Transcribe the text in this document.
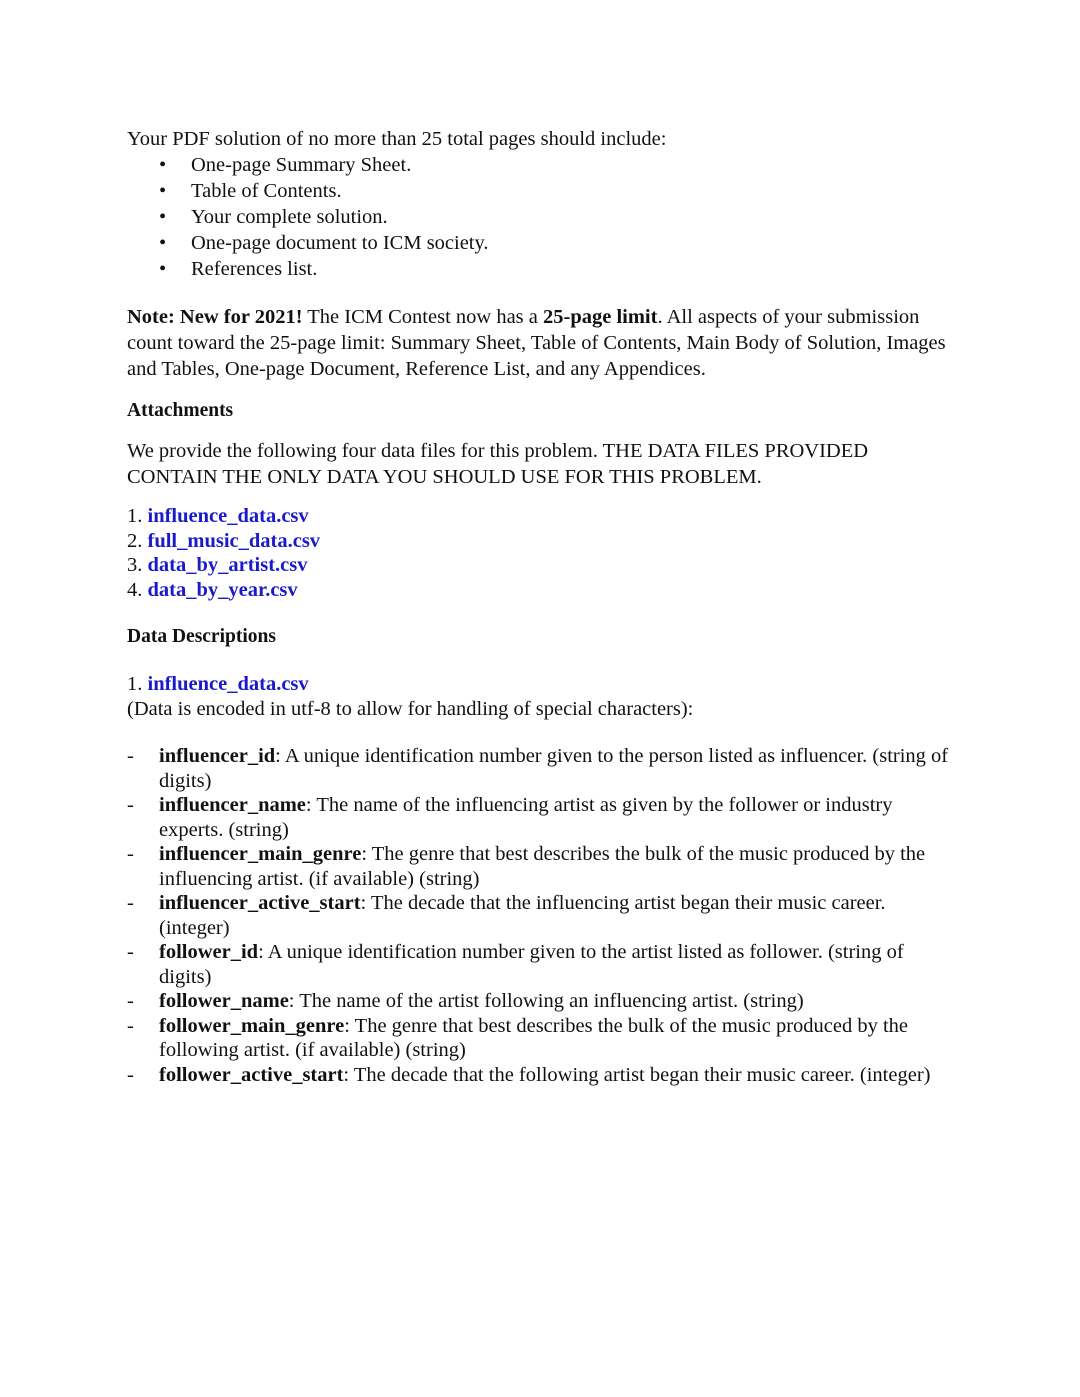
Your PDF solution of no more than 25 total pages should include:

• One-page Summary Sheet.
• Table of Contents.
• Your complete solution.
• One-page document to ICM society.
• References list.

Note: New for 2021! The ICM Contest now has a 25-page limit. All aspects of your submission count toward the 25-page limit: Summary Sheet, Table of Contents, Main Body of Solution, Images and Tables, One-page Document, Reference List, and any Appendices.

Attachments

We provide the following four data files for this problem. THE DATA FILES PROVIDED CONTAIN THE ONLY DATA YOU SHOULD USE FOR THIS PROBLEM.

1. influence_data.csv
2. full_music_data.csv
3. data_by_artist.csv
4. data_by_year.csv

Data Descriptions

1. influence_data.csv

(Data is encoded in utf-8 to allow for handling of special characters):

- influencer_id: A unique identification number given to the person listed as influencer. (string of digits)
- influencer_name: The name of the influencing artist as given by the follower or industry experts. (string)
- influencer_main_genre: The genre that best describes the bulk of the music produced by the influencing artist. (if available) (string)
- influencer_active_start: The decade that the influencing artist began their music career. (integer)
- follower_id: A unique identification number given to the artist listed as follower. (string of digits)
- follower_name: The name of the artist following an influencing artist. (string)
- follower_main_genre: The genre that best describes the bulk of the music produced by the following artist. (if available) (string)
- follower_active_start: The decade that the following artist began their music career. (integer)
